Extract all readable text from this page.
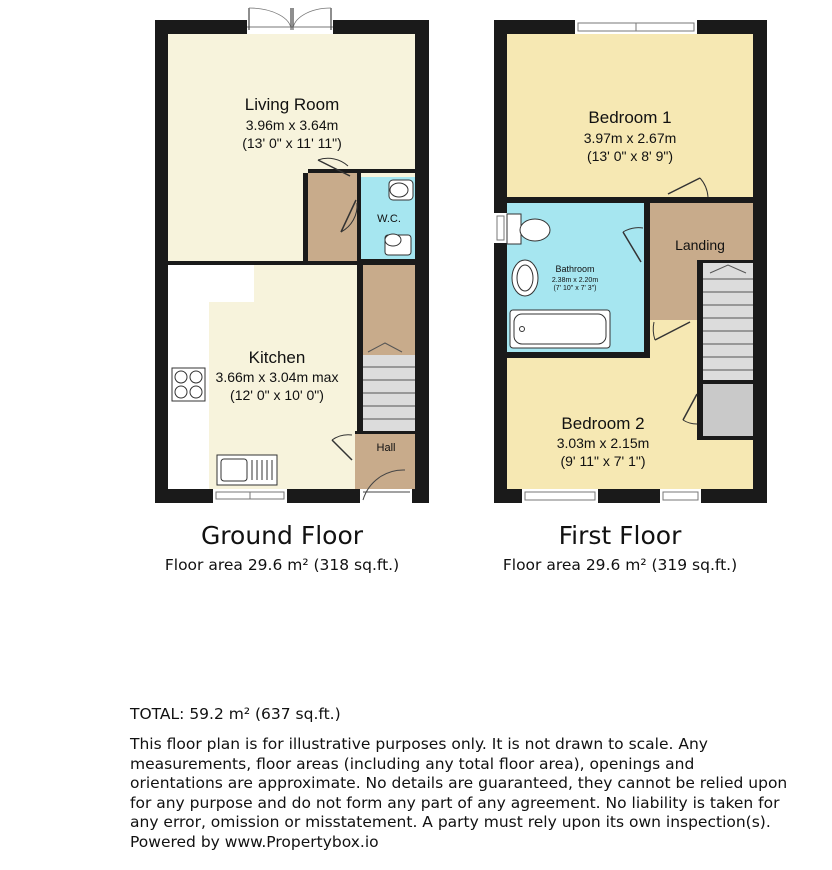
Living Room
3.96m x 3.64m
(13' 0" x 11' 11")
W.C.
Kitchen
3.66m x 3.04m max
(12' 0" x 10' 0")
Hall
Bedroom 1
3.97m x 2.67m
(13' 0" x 8' 9")
Landing
Bathroom
2.38m x 2.20m
(7' 10" x 7' 3")
Bedroom 2
3.03m x 2.15m
(9' 11" x 7' 1")
Ground Floor
Floor area 29.6 m² (318 sq.ft.)
First Floor
Floor area 29.6 m² (319 sq.ft.)
TOTAL: 59.2 m² (637 sq.ft.)
This floor plan is for illustrative purposes only. It is not drawn to scale. Any measurements, floor areas (including any total floor area), openings and orientations are approximate. No details are guaranteed, they cannot be relied upon for any purpose and do not form any part of any agreement. No liability is taken for any error, omission or misstatement. A party must rely upon its own inspection(s). Powered by www.Propertybox.io
